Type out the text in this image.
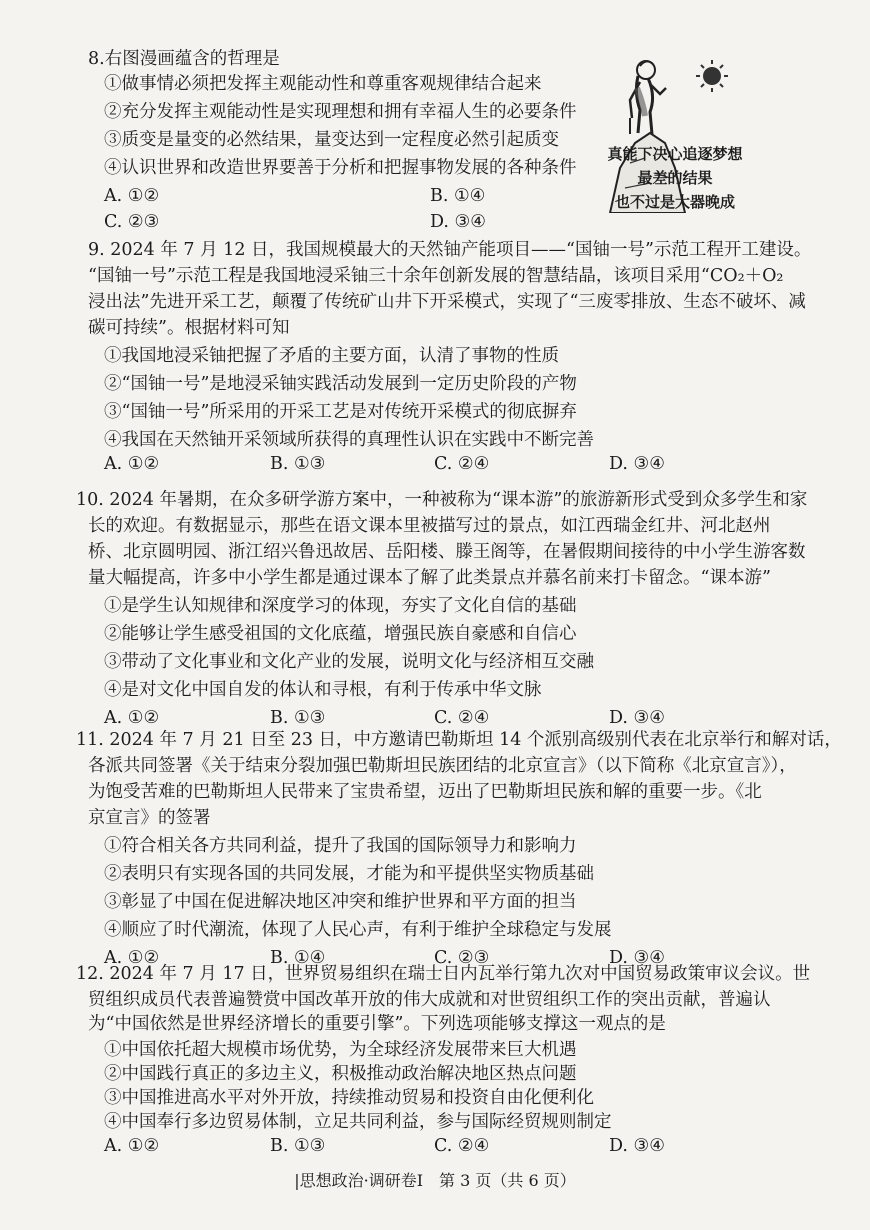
8.右图漫画蕴含的哲理是
①做事情必须把发挥主观能动性和尊重客观规律结合起来
②充分发挥主观能动性是实现理想和拥有幸福人生的必要条件
③质变是量变的必然结果，量变达到一定程度必然引起质变
④认识世界和改造世界要善于分析和把握事物发展的各种条件
A. ①②	B. ①④
C. ②③	D. ③④
真能下决心追逐梦想
最差的结果
也不过是大器晚成
9. 2024 年 7 月 12 日，我国规模最大的天然铀产能项目——“国铀一号”示范工程开工建设。
“国铀一号”示范工程是我国地浸采铀三十余年创新发展的智慧结晶，该项目采用“CO₂＋O₂
浸出法”先进开采工艺，颠覆了传统矿山井下开采模式，实现了“三废零排放、生态不破坏、减
碳可持续”。根据材料可知
①我国地浸采铀把握了矛盾的主要方面，认清了事物的性质
②“国铀一号”是地浸采铀实践活动发展到一定历史阶段的产物
③“国铀一号”所采用的开采工艺是对传统开采模式的彻底摒弃
④我国在天然铀开采领域所获得的真理性认识在实践中不断完善
A. ①②	B. ①③	C. ②④	D. ③④
10. 2024 年暑期，在众多研学游方案中，一种被称为“课本游”的旅游新形式受到众多学生和家
长的欢迎。有数据显示，那些在语文课本里被描写过的景点，如江西瑞金红井、河北赵州
桥、北京圆明园、浙江绍兴鲁迅故居、岳阳楼、滕王阁等，在暑假期间接待的中小学生游客数
量大幅提高，许多中小学生都是通过课本了解了此类景点并慕名前来打卡留念。“课本游”
①是学生认知规律和深度学习的体现，夯实了文化自信的基础
②能够让学生感受祖国的文化底蕴，增强民族自豪感和自信心
③带动了文化事业和文化产业的发展，说明文化与经济相互交融
④是对文化中国自发的体认和寻根，有利于传承中华文脉
A. ①②	B. ①③	C. ②④	D. ③④
11. 2024 年 7 月 21 日至 23 日，中方邀请巴勒斯坦 14 个派别高级别代表在北京举行和解对话，
各派共同签署《关于结束分裂加强巴勒斯坦民族团结的北京宣言》（以下简称《北京宣言》），
为饱受苦难的巴勒斯坦人民带来了宝贵希望，迈出了巴勒斯坦民族和解的重要一步。《北
京宣言》的签署
①符合相关各方共同利益，提升了我国的国际领导力和影响力
②表明只有实现各国的共同发展，才能为和平提供坚实物质基础
③彰显了中国在促进解决地区冲突和维护世界和平方面的担当
④顺应了时代潮流，体现了人民心声，有利于维护全球稳定与发展
A. ①②	B. ①④	C. ②③	D. ③④
12. 2024 年 7 月 17 日，世界贸易组织在瑞士日内瓦举行第九次对中国贸易政策审议会议。世
贸组织成员代表普遍赞赏中国改革开放的伟大成就和对世贸组织工作的突出贡献，普遍认
为“中国依然是世界经济增长的重要引擎”。下列选项能够支撑这一观点的是
①中国依托超大规模市场优势，为全球经济发展带来巨大机遇
②中国践行真正的多边主义，积极推动政治解决地区热点问题
③中国推进高水平对外开放，持续推动贸易和投资自由化便利化
④中国奉行多边贸易体制，立足共同利益，参与国际经贸规则制定
|思想政治·调研卷Ⅰ　第 3 页（共 6 页）
A. ①②	B. ①③	C. ②④	D. ③④
